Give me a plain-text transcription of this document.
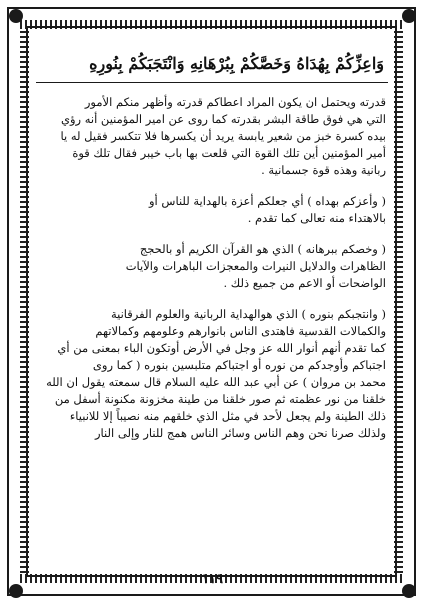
وَاعِزِّكُمْ بِهُدَاهُ وَخَصَّكُمْ بِبُرْهَانِهِ وَانْتَجَبَكُمْ بِنُورِهِ
قدرته ويحتمل ان يكون المراد اعطاكم قدرته وأظهر منكم الأمور
التي هي فوق طاقة البشر بقدرته كما روى عن امير المؤمنين أنه رؤي
بيده كسرة خبز من شعير يابسة يريد أن يكسرها فلا تتكسر فقيل له يا
أمير المؤمنين أين تلك القوة التي قلعت بها باب خيبر فقال تلك قوة
ربانية وهذه قوة جسمانية .
( وأعزكم بهداه ) أي جعلكم أعزة بالهداية للناس أو
بالاهتداء منه تعالى كما تقدم .
( وخصكم ببرهانه ) الذي هو القرآن الكريم أو بالحجج
الظاهرات والدلايل النيرات والمعجزات الباهرات والآيات
الواضحات أو الاعم من جميع ذلك .
( وانتجبكم بنوره ) الذي هوالهداية الربانية والعلوم الفرقانية
والكمالات القدسية فاهتدى الناس بانوارهم وعلومهم وكمالاتهم
كما تقدم أنهم أنوار الله عز وجل في الأرض أوتكون الباء بمعنى من أي
اجتباكم وأوجدكم من نوره أو اجتباكم متلبسين بنوره ( كما روى
محمد بن مروان ) عن أبي عبد الله عليه السلام قال سمعته يقول ان الله
خلقنا من نور عظمته ثم صور خلقنا من طينة مخزونة مكنونة أسفل من
ذلك الطينة ولم يجعل لأحد في مثل الذي خلقهم منه نصيباً إلا للانبياء
ولذلك صرنا نحن وهم الناس وسائر الناس همج للنار وإلى النار
١١٩
